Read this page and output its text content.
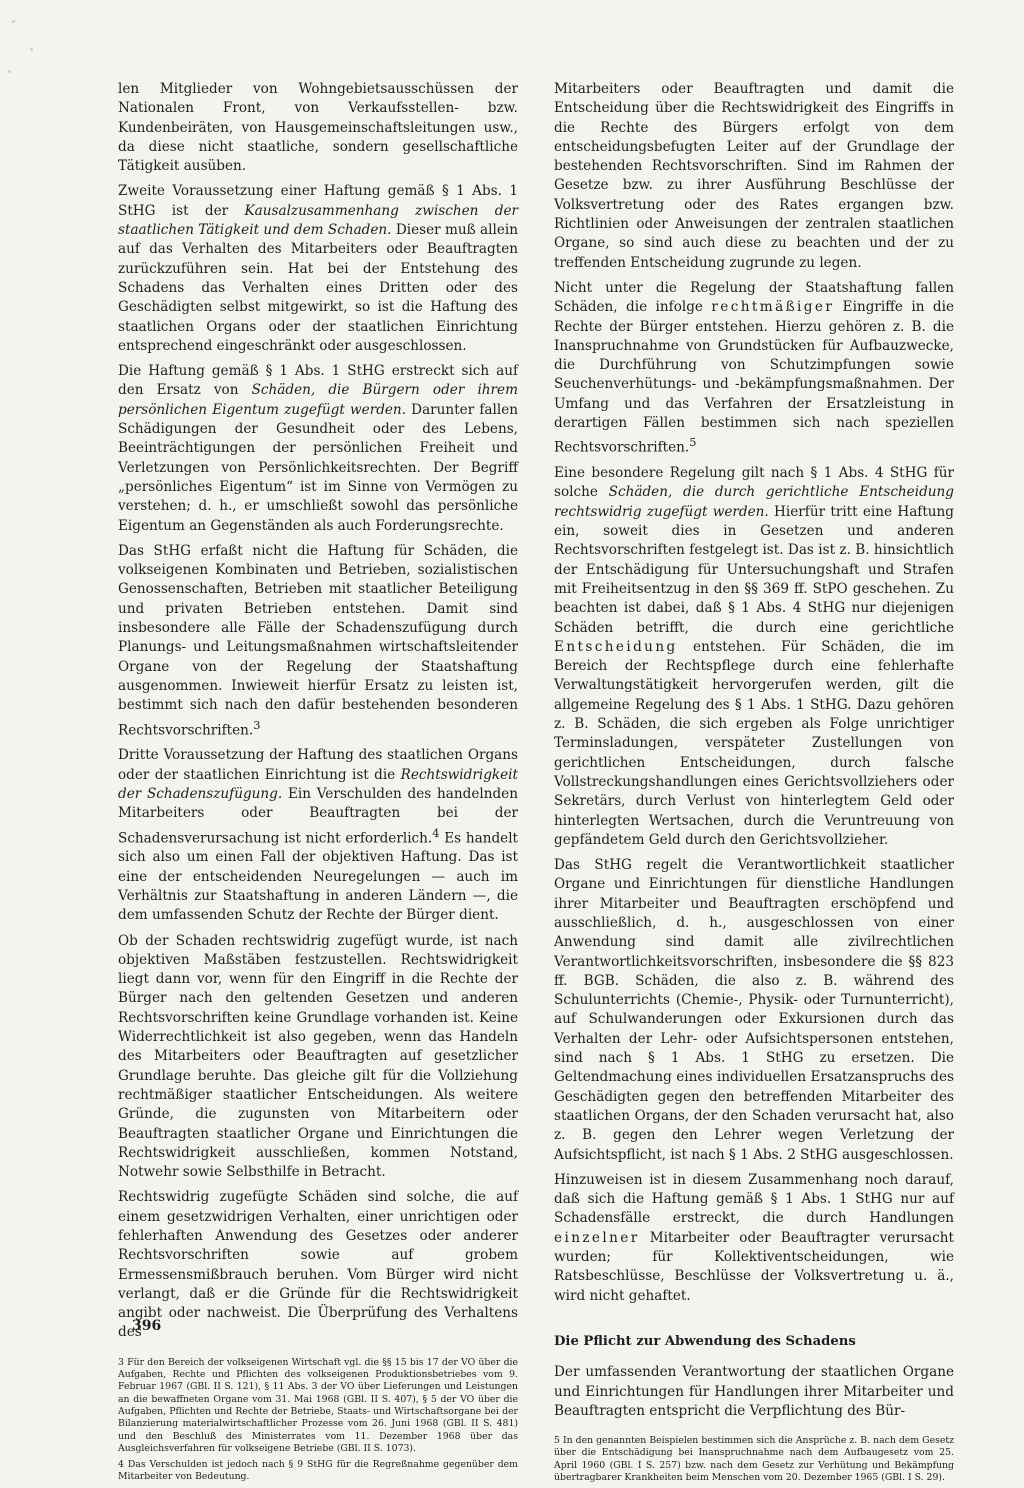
len Mitglieder von Wohngebietsausschüssen der Nationalen Front, von Verkaufsstellen- bzw. Kundenbeiräten, von Hausgemeinschaftsleitungen usw., da diese nicht staatliche, sondern gesellschaftliche Tätigkeit ausüben.

Zweite Voraussetzung einer Haftung gemäß § 1 Abs. 1 StHG ist der Kausalzusammenhang zwischen der staatlichen Tätigkeit und dem Schaden. Dieser muß allein auf das Verhalten des Mitarbeiters oder Beauftragten zurückzuführen sein. Hat bei der Entstehung des Schadens das Verhalten eines Dritten oder des Geschädigten selbst mitgewirkt, so ist die Haftung des staatlichen Organs oder der staatlichen Einrichtung entsprechend eingeschränkt oder ausgeschlossen.

Die Haftung gemäß § 1 Abs. 1 StHG erstreckt sich auf den Ersatz von Schäden, die Bürgern oder ihrem persönlichen Eigentum zugefügt werden. Darunter fallen Schädigungen der Gesundheit oder des Lebens, Beeinträchtigungen der persönlichen Freiheit und Verletzungen von Persönlichkeitsrechten. Der Begriff „persönliches Eigentum“ ist im Sinne von Vermögen zu verstehen; d. h., er umschließt sowohl das persönliche Eigentum an Gegenständen als auch Forderungsrechte.

Das StHG erfaßt nicht die Haftung für Schäden, die volkseigenen Kombinaten und Betrieben, sozialistischen Genossenschaften, Betrieben mit staatlicher Beteiligung und privaten Betrieben entstehen. Damit sind insbesondere alle Fälle der Schadenszufügung durch Planungs- und Leitungsmaßnahmen wirtschaftsleitender Organe von der Regelung der Staatshaftung ausgenommen. Inwieweit hierfür Ersatz zu leisten ist, bestimmt sich nach den dafür bestehenden besonderen Rechtsvorschriften.$^3$

Dritte Voraussetzung der Haftung des staatlichen Organs oder der staatlichen Einrichtung ist die Rechtswidrigkeit der Schadenszufügung. Ein Verschulden des handelnden Mitarbeiters oder Beauftragten bei der Schadensverursachung ist nicht erforderlich.$^4$ Es handelt sich also um einen Fall der objektiven Haftung. Das ist eine der entscheidenden Neuregelungen — auch im Verhältnis zur Staatshaftung in anderen Ländern —, die dem umfassenden Schutz der Rechte der Bürger dient.

Ob der Schaden rechtswidrig zugefügt wurde, ist nach objektiven Maßstäben festzustellen. Rechtswidrigkeit liegt dann vor, wenn für den Eingriff in die Rechte der Bürger nach den geltenden Gesetzen und anderen Rechtsvorschriften keine Grundlage vorhanden ist. Keine Widerrechtlichkeit ist also gegeben, wenn das Handeln des Mitarbeiters oder Beauftragten auf gesetzlicher Grundlage beruhte. Das gleiche gilt für die Vollziehung rechtmäßiger staatlicher Entscheidungen. Als weitere Gründe, die zugunsten von Mitarbeitern oder Beauftragten staatlicher Organe und Einrichtungen die Rechtswidrigkeit ausschließen, kommen Notstand, Notwehr sowie Selbsthilfe in Betracht.

Rechtswidrig zugefügte Schäden sind solche, die auf einem gesetzwidrigen Verhalten, einer unrichtigen oder fehlerhaften Anwendung des Gesetzes oder anderer Rechtsvorschriften sowie auf grobem Ermessensmißbrauch beruhen. Vom Bürger wird nicht verlangt, daß er die Gründe für die Rechtswidrigkeit angibt oder nachweist. Die Überprüfung des Verhaltens des

3 Für den Bereich der volkseigenen Wirtschaft vgl. die §§ 15 bis 17 der VO über die Aufgaben, Rechte und Pflichten des volkseigenen Produktionsbetriebes vom 9. Februar 1967 (GBl. II S. 121), § 11 Abs. 3 der VO über Lieferungen und Leistungen an die bewaffneten Organe vom 31. Mai 1968 (GBl. II S. 407), § 5 der VO über die Aufgaben, Pflichten und Rechte der Betriebe, Staats- und Wirtschaftsorgane bei der Bilanzierung materialwirtschaftlicher Prozesse vom 26. Juni 1968 (GBl. II S. 481) und den Beschluß des Ministerrates vom 11. Dezember 1968 über das Ausgleichsverfahren für volkseigene Betriebe (GBl. II S. 1073).

4 Das Verschulden ist jedoch nach § 9 StHG für die Regreßnahme gegenüber dem Mitarbeiter von Bedeutung.

Mitarbeiters oder Beauftragten und damit die Entscheidung über die Rechtswidrigkeit des Eingriffs in die Rechte des Bürgers erfolgt von dem entscheidungsbefugten Leiter auf der Grundlage der bestehenden Rechtsvorschriften. Sind im Rahmen der Gesetze bzw. zu ihrer Ausführung Beschlüsse der Volksvertretung oder des Rates ergangen bzw. Richtlinien oder Anweisungen der zentralen staatlichen Organe, so sind auch diese zu beachten und der zu treffenden Entscheidung zugrunde zu legen.

Nicht unter die Regelung der Staatshaftung fallen Schäden, die infolge rechtmäßiger Eingriffe in die Rechte der Bürger entstehen. Hierzu gehören z. B. die Inanspruchnahme von Grundstücken für Aufbauzwecke, die Durchführung von Schutzimpfungen sowie Seuchenverhütungs- und -bekämpfungsmaßnahmen. Der Umfang und das Verfahren der Ersatzleistung in derartigen Fällen bestimmen sich nach speziellen Rechtsvorschriften.$^5$

Eine besondere Regelung gilt nach § 1 Abs. 4 StHG für solche Schäden, die durch gerichtliche Entscheidung rechtswidrig zugefügt werden. Hierfür tritt eine Haftung ein, soweit dies in Gesetzen und anderen Rechtsvorschriften festgelegt ist. Das ist z. B. hinsichtlich der Entschädigung für Untersuchungshaft und Strafen mit Freiheitsentzug in den §§ 369 ff. StPO geschehen. Zu beachten ist dabei, daß § 1 Abs. 4 StHG nur diejenigen Schäden betrifft, die durch eine gerichtliche Entscheidung entstehen. Für Schäden, die im Bereich der Rechtspflege durch eine fehlerhafte Verwaltungstätigkeit hervorgerufen werden, gilt die allgemeine Regelung des § 1 Abs. 1 StHG. Dazu gehören z. B. Schäden, die sich ergeben als Folge unrichtiger Terminsladungen, verspäteter Zustellungen von gerichtlichen Entscheidungen, durch falsche Vollstreckungshandlungen eines Gerichtsvollziehers oder Sekretärs, durch Verlust von hinterlegtem Geld oder hinterlegten Wertsachen, durch die Veruntreuung von gepfändetem Geld durch den Gerichtsvollzieher.

Das StHG regelt die Verantwortlichkeit staatlicher Organe und Einrichtungen für dienstliche Handlungen ihrer Mitarbeiter und Beauftragten erschöpfend und ausschließlich, d. h., ausgeschlossen von einer Anwendung sind damit alle zivilrechtlichen Verantwortlichkeitsvorschriften, insbesondere die §§ 823 ff. BGB. Schäden, die also z. B. während des Schulunterrichts (Chemie-, Physik- oder Turnunterricht), auf Schulwanderungen oder Exkursionen durch das Verhalten der Lehr- oder Aufsichtspersonen entstehen, sind nach § 1 Abs. 1 StHG zu ersetzen. Die Geltendmachung eines individuellen Ersatzanspruchs des Geschädigten gegen den betreffenden Mitarbeiter des staatlichen Organs, der den Schaden verursacht hat, also z. B. gegen den Lehrer wegen Verletzung der Aufsichtspflicht, ist nach § 1 Abs. 2 StHG ausgeschlossen.

Hinzuweisen ist in diesem Zusammenhang noch darauf, daß sich die Haftung gemäß § 1 Abs. 1 StHG nur auf Schadensfälle erstreckt, die durch Handlungen einzelner Mitarbeiter oder Beauftragter verursacht wurden; für Kollektiventscheidungen, wie Ratsbeschlüsse, Beschlüsse der Volksvertretung u. ä., wird nicht gehaftet.

Die Pflicht zur Abwendung des Schadens

Der umfassenden Verantwortung der staatlichen Organe und Einrichtungen für Handlungen ihrer Mitarbeiter und Beauftragten entspricht die Verpflichtung des Bür-

5 In den genannten Beispielen bestimmen sich die Ansprüche z. B. nach dem Gesetz über die Entschädigung bei Inanspruchnahme nach dem Aufbaugesetz vom 25. April 1960 (GBl. I S. 257) bzw. nach dem Gesetz zur Verhütung und Bekämpfung übertragbarer Krankheiten beim Menschen vom 20. Dezember 1965 (GBl. I S. 29).

396
